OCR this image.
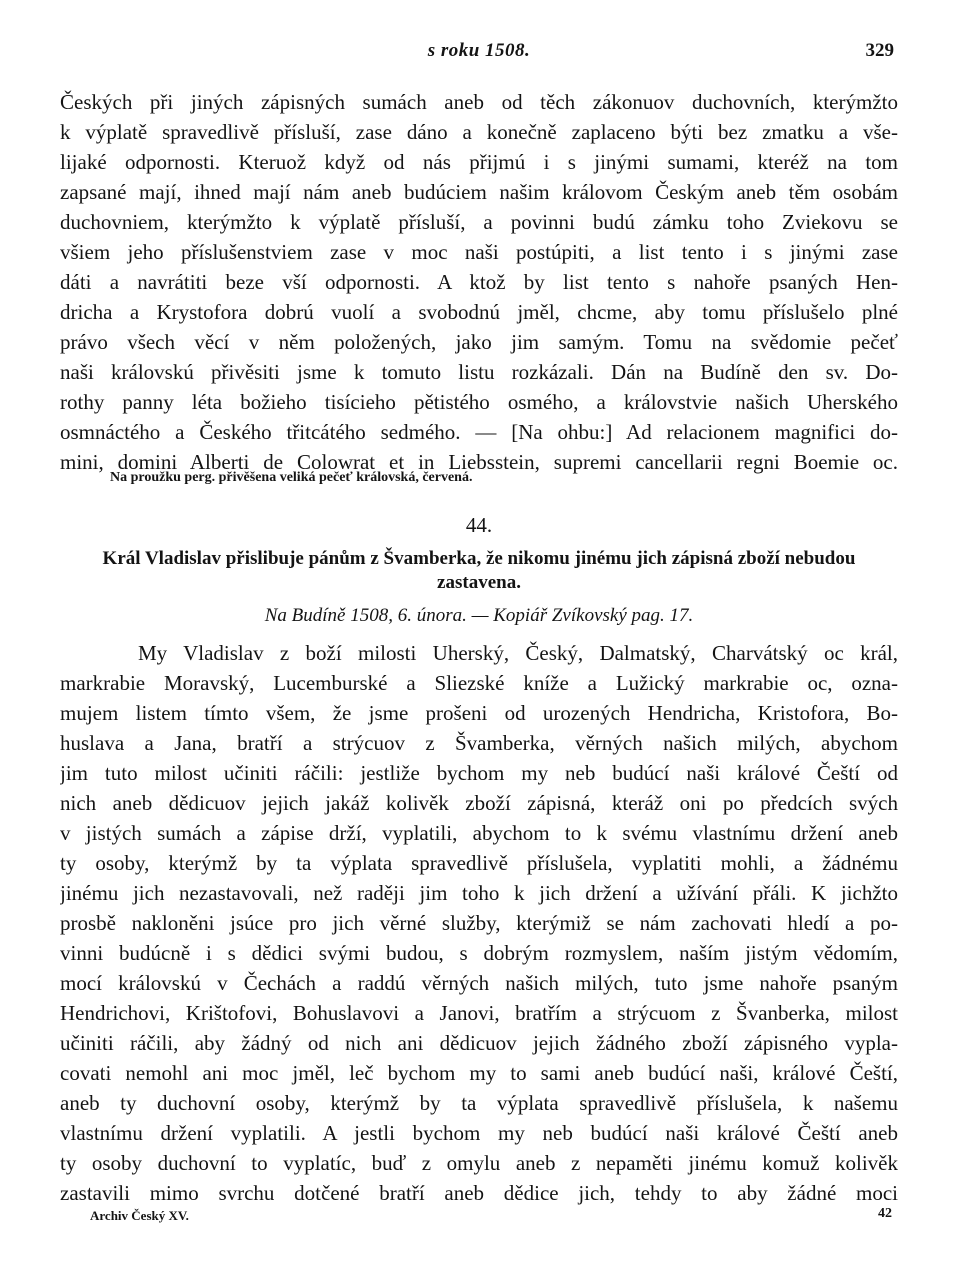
s roku 1508.	329
Českých při jiných zápisných sumách aneb od těch zákonuov duchovních, kterýmžto
k výplatě spravedlivě přísluší, zase dáno a konečně zaplaceno býti bez zmatku a vše-
lijaké odpornosti. Kteruož když od nás přijmú i s jinými sumami, kteréž na tom
zapsané mají, ihned mají nám aneb budúciem našim královom Českým aneb těm osobám
duchovniem, kterýmžto k výplatě přísluší, a povinni budú zámku toho Zviekovu se
všiem jeho příslušenstviem zase v moc naši postúpiti, a list tento i s jinými zase
dáti a navrátiti beze vší odpornosti. A ktož by list tento s nahoře psaných Hen-
dricha a Krystofora dobrú vuolí a svobodnú jměl, chcme, aby tomu příslušelo plné
právo všech věcí v něm položených, jako jim samým. Tomu na svědomie pečeť
naši královskú přivěsiti jsme k tomuto listu rozkázali. Dán na Budíně den sv. Do-
rothy panny léta božieho tisícieho pětistého osmého, a královstvie našich Uherského
osmnáctého a Českého třitcátého sedmého. — [Na ohbu:] Ad relacionem magnifici do-
mini, domini Alberti de Colowrat et in Liebsstein, supremi cancellarii regni Boemie oc.
Na proužku perg. přivěšena veliká pečeť královská, červená.
44.
Král Vladislav přislibuje pánům z Švamberka, že nikomu jinému jich zápisná zboží nebudou
zastavena.
Na Budíně 1508, 6. února. — Kopiář Zvíkovský pag. 17.
My Vladislav z boží milosti Uherský, Český, Dalmatský, Charvátský oc král,
markrabie Moravský, Lucemburské a Sliezské kníže a Lužický markrabie oc, ozna-
mujem listem tímto všem, že jsme prošeni od urozených Hendricha, Kristofora, Bo-
huslava a Jana, bratří a strýcuov z Švamberka, věrných našich milých, abychom
jim tuto milost učiniti ráčili: jestliže bychom my neb budúcí naši králové Čeští od
nich aneb dědicuov jejich jakáž kolivěk zboží zápisná, kteráž oni po předcích svých
v jistých sumách a zápise drží, vyplatili, abychom to k svému vlastnímu držení aneb
ty osoby, kterýmž by ta výplata spravedlivě příslušela, vyplatiti mohli, a žádnému
jinému jich nezastavovali, než raději jim toho k jich držení a užívání přáli. K jichžto
prosbě nakloněni jsúce pro jich věrné služby, kterýmiž se nám zachovati hledí a po-
vinni budúcně i s dědici svými budou, s dobrým rozmyslem, naším jistým vědomím,
mocí královskú v Čechách a raddú věrných našich milých, tuto jsme nahoře psaným
Hendrichovi, Krištofovi, Bohuslavovi a Janovi, bratřím a strýcuom z Švanberka, milost
učiniti ráčili, aby žádný od nich ani dědicuov jejich žádného zboží zápisného vypla-
covati nemohl ani moc jměl, leč bychom my to sami aneb budúcí naši, králové Čeští,
aneb ty duchovní osoby, kterýmž by ta výplata spravedlivě příslušela, k našemu
vlastnímu držení vyplatili. A jestli bychom my neb budúcí naši králové Čeští aneb
ty osoby duchovní to vyplatíc, buď z omylu aneb z nepaměti jinému komuž kolivěk
zastavili mimo svrchu dotčené bratří aneb dědice jich, tehdy to aby žádné moci
Archiv Český XV.	42
